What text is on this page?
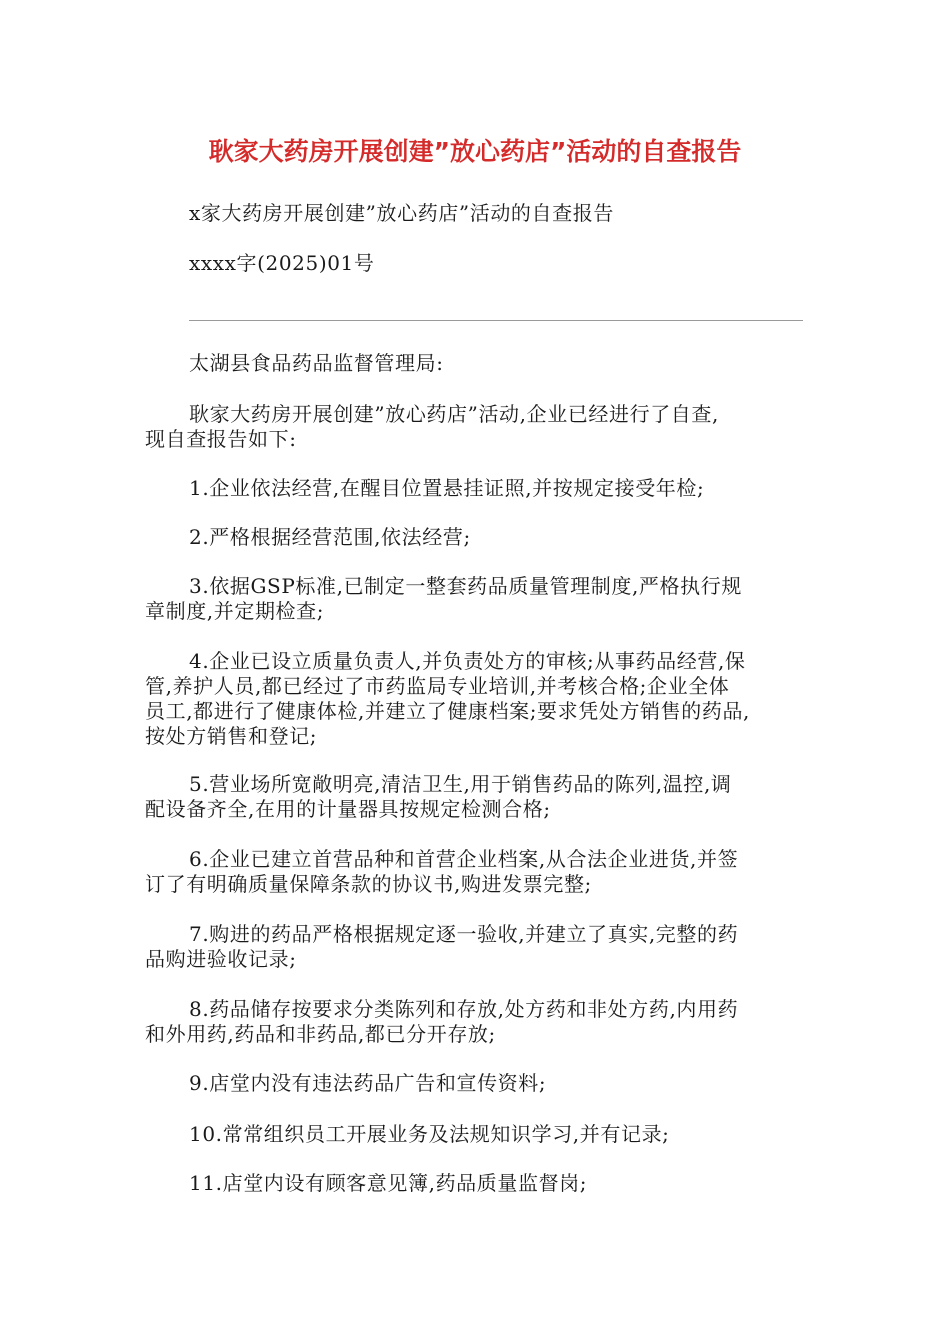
耿家大药房开展创建”放心药店”活动的自查报告
x家大药房开展创建”放心药店”活动的自查报告
xxxx字(2025)01号
太湖县食品药品监督管理局:
耿家大药房开展创建”放心药店”活动,企业已经进行了自查,
现自查报告如下:
1.企业依法经营,在醒目位置悬挂证照,并按规定接受年检;
2.严格根据经营范围,依法经营;
3.依据GSP标准,已制定一整套药品质量管理制度,严格执行规
章制度,并定期检查;
4.企业已设立质量负责人,并负责处方的审核;从事药品经营,保
管,养护人员,都已经过了市药监局专业培训,并考核合格;企业全体
员工,都进行了健康体检,并建立了健康档案;要求凭处方销售的药品,
按处方销售和登记;
5.营业场所宽敞明亮,清洁卫生,用于销售药品的陈列,温控,调
配设备齐全,在用的计量器具按规定检测合格;
6.企业已建立首营品种和首营企业档案,从合法企业进货,并签
订了有明确质量保障条款的协议书,购进发票完整;
7.购进的药品严格根据规定逐一验收,并建立了真实,完整的药
品购进验收记录;
8.药品储存按要求分类陈列和存放,处方药和非处方药,内用药
和外用药,药品和非药品,都已分开存放;
9.店堂内没有违法药品广告和宣传资料;
10.常常组织员工开展业务及法规知识学习,并有记录;
11.店堂内设有顾客意见簿,药品质量监督岗;
